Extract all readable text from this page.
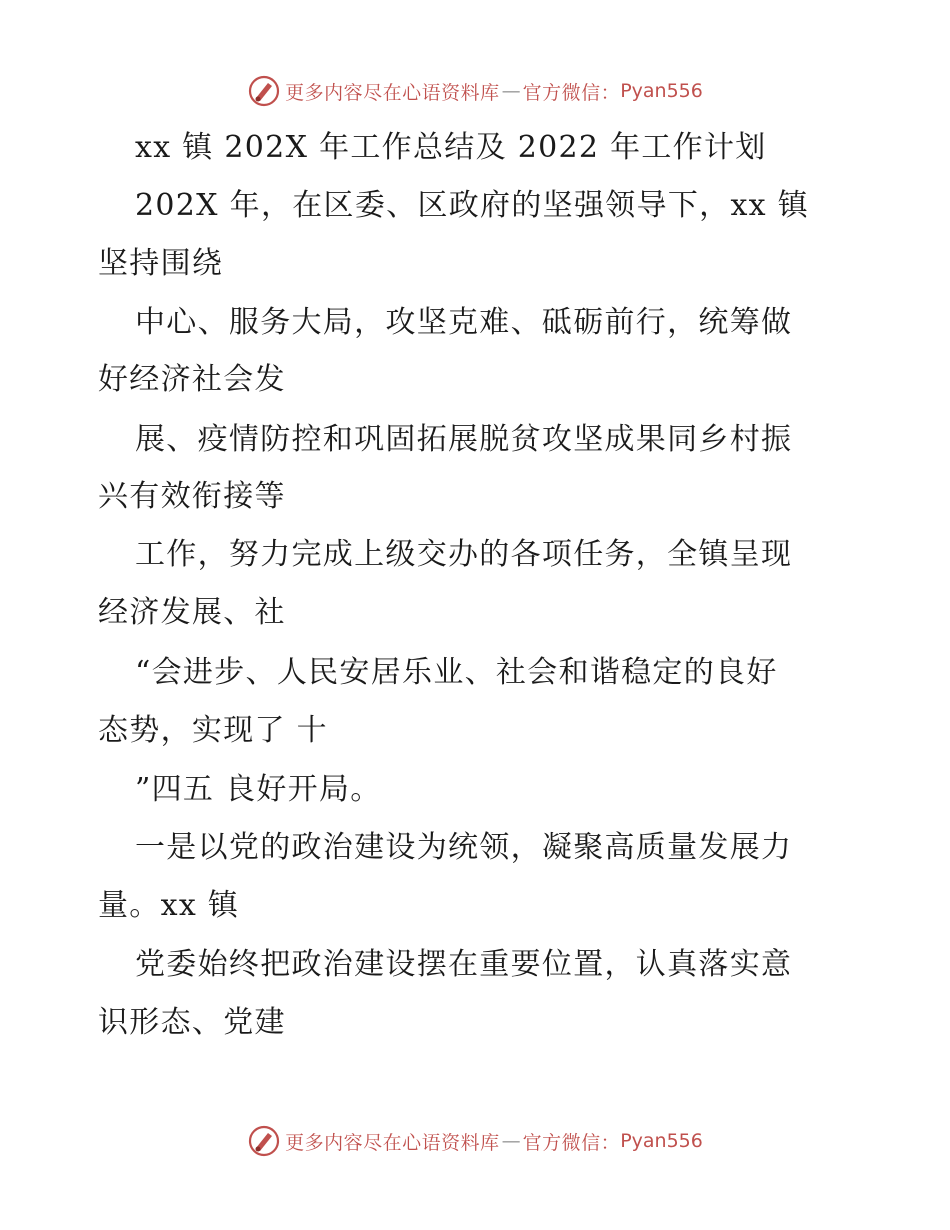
更多内容尽在心语资料库 — 官方微信： Pyan556
xx 镇 202X 年工作总结及 2022 年工作计划
202X 年，在区委、区政府的坚强领导下，xx 镇
坚持围绕
中心、服务大局，攻坚克难、砥砺前行，统筹做
好经济社会发
展、疫情防控和巩固拓展脱贫攻坚成果同乡村振
兴有效衔接等
工作，努力完成上级交办的各项任务，全镇呈现
经济发展、社
“会进步、人民安居乐业、社会和谐稳定的良好
态势，实现了 十
”四五 良好开局。
一是以党的政治建设为统领，凝聚高质量发展力
量。xx 镇
党委始终把政治建设摆在重要位置，认真落实意
识形态、党建
更多内容尽在心语资料库 — 官方微信： Pyan556
